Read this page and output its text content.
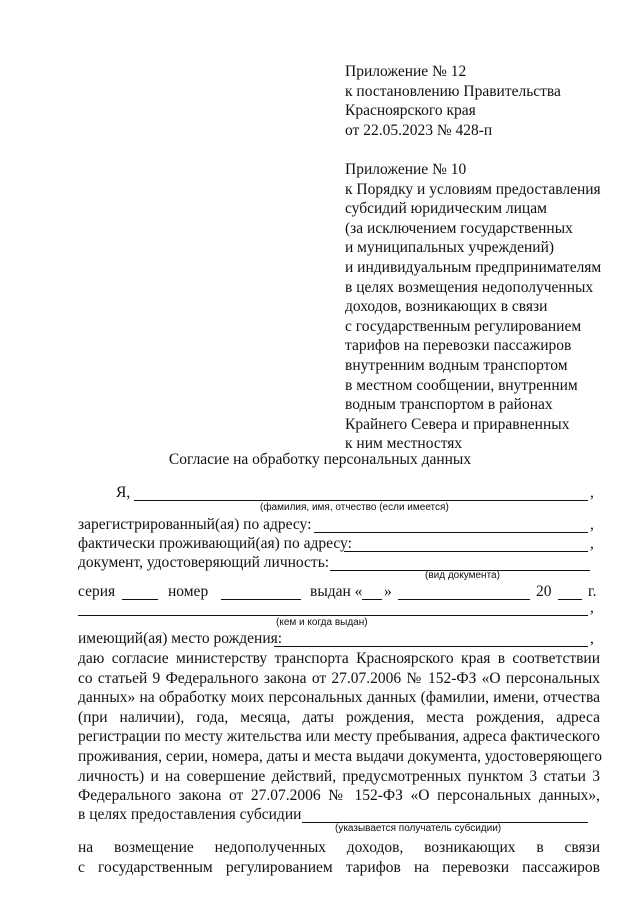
Приложение № 12
к постановлению Правительства
Красноярского края
от 22.05.2023 № 428-п
Приложение № 10
к Порядку и условиям предоставления
субсидий юридическим лицам
(за исключением государственных
и муниципальных учреждений)
и индивидуальным предпринимателям
в целях возмещения недополученных
доходов, возникающих в связи
с государственным регулированием
тарифов на перевозки пассажиров
внутренним водным транспортом
в местном сообщении, внутренним
водным транспортом в районах
Крайнего Севера и приравненных
к ним местностях
Согласие на обработку персональных данных
Я,	,
(фамилия, имя, отчество (если имеется)
зарегистрированный(ая) по адресу:	,
фактически проживающий(ая) по адресу:	,
документ, удостоверяющий личность:
(вид документа)
серия	номер	выдан « »	20 г.
,
(кем и когда выдан)
имеющий(ая) место рождения:	,
даю согласие министерству транспорта Красноярского края в соответствии
со статьей 9 Федерального закона от 27.07.2006 № 152-ФЗ «О персональных
данных» на обработку моих персональных данных (фамилии, имени, отчества
(при наличии), года, месяца, даты рождения, места рождения, адреса
регистрации по месту жительства или месту пребывания, адреса фактического
проживания, серии, номера, даты и места выдачи документа, удостоверяющего
личность) и на совершение действий, предусмотренных пунктом 3 статьи 3
Федерального закона от 27.07.2006 № 152-ФЗ «О персональных данных»,
в целях предоставления субсидии
(указывается получатель субсидии)
на возмещение недополученных доходов, возникающих в связи
с государственным регулированием тарифов на перевозки пассажиров
